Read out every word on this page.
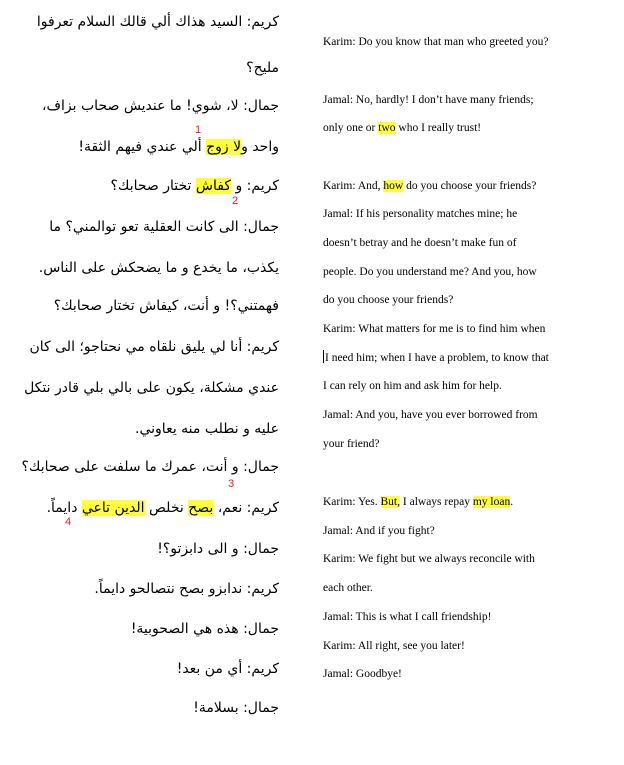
كريم: السيد هذاك ألي قالك السلام تعرفوا
مليح؟
جمال: لا، شوي! ما عنديش صحاب بزاف،
واحد ولا زوج ألي عندي فيهم الثقة!
كريم: و كفاش تختار صحابك؟
جمال: الى كانت العقلية تعو توالمني؟ ما
يكذب، ما يخدع و ما يضحكش على الناس.
فهمتني؟! و أنت، كيفاش تختار صحابك؟
كريم: أنا لي يليق نلقاه مي نحتاجو؛ الى كان
عندي مشكلة، يكون على بالي بلي قادر نتكل
عليه و نطلب منه يعاوني.
جمال: و أنت، عمرك ما سلفت على صحابك؟
كريم: نعم، بصح نخلص الدين تاعي دايماً.
جمال: و الى دابزتو؟!
كريم: ندابزو بصح نتصالحو دايماً.
جمال: هذه هي الصحوبية!
كريم: أي من بعد!
جمال: بسلامة!
1
2
3
4
Karim: Do you know that man who greeted you?
Jamal: No, hardly! I don’t have many friends;
only one or two who I really trust!
Karim: And, how do you choose your friends?
Jamal: If his personality matches mine; he
doesn’t betray and he doesn’t make fun of
people. Do you understand me? And you, how
do you choose your friends?
Karim: What matters for me is to find him when
I need him; when I have a problem, to know that
I can rely on him and ask him for help.
Jamal: And you, have you ever borrowed from
your friend?
Karim: Yes. But, I always repay my loan.
Jamal: And if you fight?
Karim: We fight but we always reconcile with
each other.
Jamal: This is what I call friendship!
Karim: All right, see you later!
Jamal: Goodbye!
